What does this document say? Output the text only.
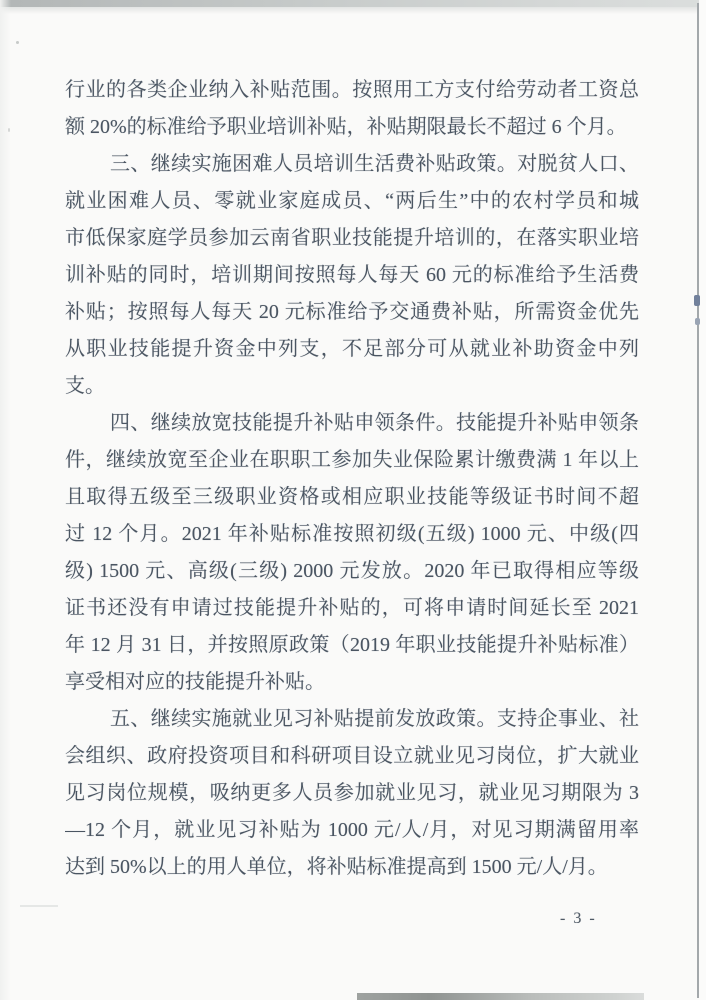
行业的各类企业纳入补贴范围。按照用工方支付给劳动者工资总
额 20%的标准给予职业培训补贴，补贴期限最长不超过 6 个月。
三、继续实施困难人员培训生活费补贴政策。对脱贫人口、
就业困难人员、零就业家庭成员、“两后生”中的农村学员和城
市低保家庭学员参加云南省职业技能提升培训的，在落实职业培
训补贴的同时，培训期间按照每人每天 60 元的标准给予生活费
补贴；按照每人每天 20 元标准给予交通费补贴，所需资金优先
从职业技能提升资金中列支，不足部分可从就业补助资金中列
支。
四、继续放宽技能提升补贴申领条件。技能提升补贴申领条
件，继续放宽至企业在职职工参加失业保险累计缴费满 1 年以上
且取得五级至三级职业资格或相应职业技能等级证书时间不超
过 12 个月。2021 年补贴标准按照初级(五级) 1000 元、中级(四
级) 1500 元、高级(三级) 2000 元发放。2020 年已取得相应等级
证书还没有申请过技能提升补贴的，可将申请时间延长至 2021
年 12 月 31 日，并按照原政策（2019 年职业技能提升补贴标准）
享受相对应的技能提升补贴。
五、继续实施就业见习补贴提前发放政策。支持企事业、社
会组织、政府投资项目和科研项目设立就业见习岗位，扩大就业
见习岗位规模，吸纳更多人员参加就业见习，就业见习期限为 3
—12 个月，就业见习补贴为 1000 元/人/月，对见习期满留用率
达到 50%以上的用人单位，将补贴标准提高到 1500 元/人/月。
- 3 -
